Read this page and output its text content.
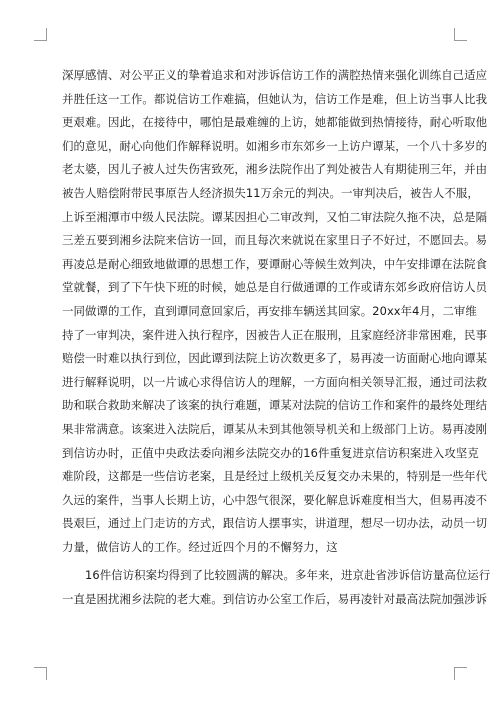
深厚感情、对公平正义的挚着追求和对涉诉信访工作的满腔热情来强化训练自己适应
并胜任这一工作。都说信访工作难搞，但她认为，信访工作是难，但上访当事人比我
更艰难。因此，在接待中，哪怕是最难缠的上访，她都能做到热情接待，耐心听取他
们的意见，耐心向他们作解释说明。如湘乡市东郊乡一上访户谭某，一个八十多岁的
老太婆，因儿子被人过失伤害致死，湘乡法院作出了判处被告人有期徒刑三年，并由
被告人赔偿附带民事原告人经济损失11万余元的判决。一审判决后，被告人不服，
上诉至湘潭市中级人民法院。谭某因担心二审改判，又怕二审法院久拖不决，总是隔
三差五要到湘乡法院来信访一回，而且每次来就说在家里日子不好过，不愿回去。易
再凌总是耐心细致地做谭的思想工作，要谭耐心等候生效判决，中午安排谭在法院食
堂就餐，到了下午快下班的时候，她总是自行做通谭的工作或请东郊乡政府信访人员
一同做谭的工作，直到谭同意回家后，再安排车辆送其回家。20xx年4月，二审维
持了一审判决，案件进入执行程序，因被告人正在服刑，且家庭经济非常困难，民事
赔偿一时难以执行到位，因此谭到法院上访次数更多了，易再凌一访面耐心地向谭某
进行解释说明，以一片诚心求得信访人的理解，一方面向相关领导汇报，通过司法救
助和联合救助来解决了该案的执行难题，谭某对法院的信访工作和案件的最终处理结
果非常满意。该案进入法院后，谭某从未到其他领导机关和上级部门上访。易再凌刚
到信访办时，正值中央政法委向湘乡法院交办的16件重复进京信访积案进入攻坚克
难阶段，这都是一些信访老案，且是经过上级机关反复交办未果的，特别是一些年代
久远的案件，当事人长期上访，心中怨气很深，要化解息诉难度相当大，但易再凌不
畏艰巨，通过上门走访的方式，跟信访人摆事实，讲道理，想尽一切办法，动员一切
力量，做信访人的工作。经过近四个月的不懈努力，这
16件信访积案均得到了比较圆满的解决。多年来，进京赴省涉诉信访量高位运行
一直是困扰湘乡法院的老大难。到信访办公室工作后，易再凌针对最高法院加强涉诉
